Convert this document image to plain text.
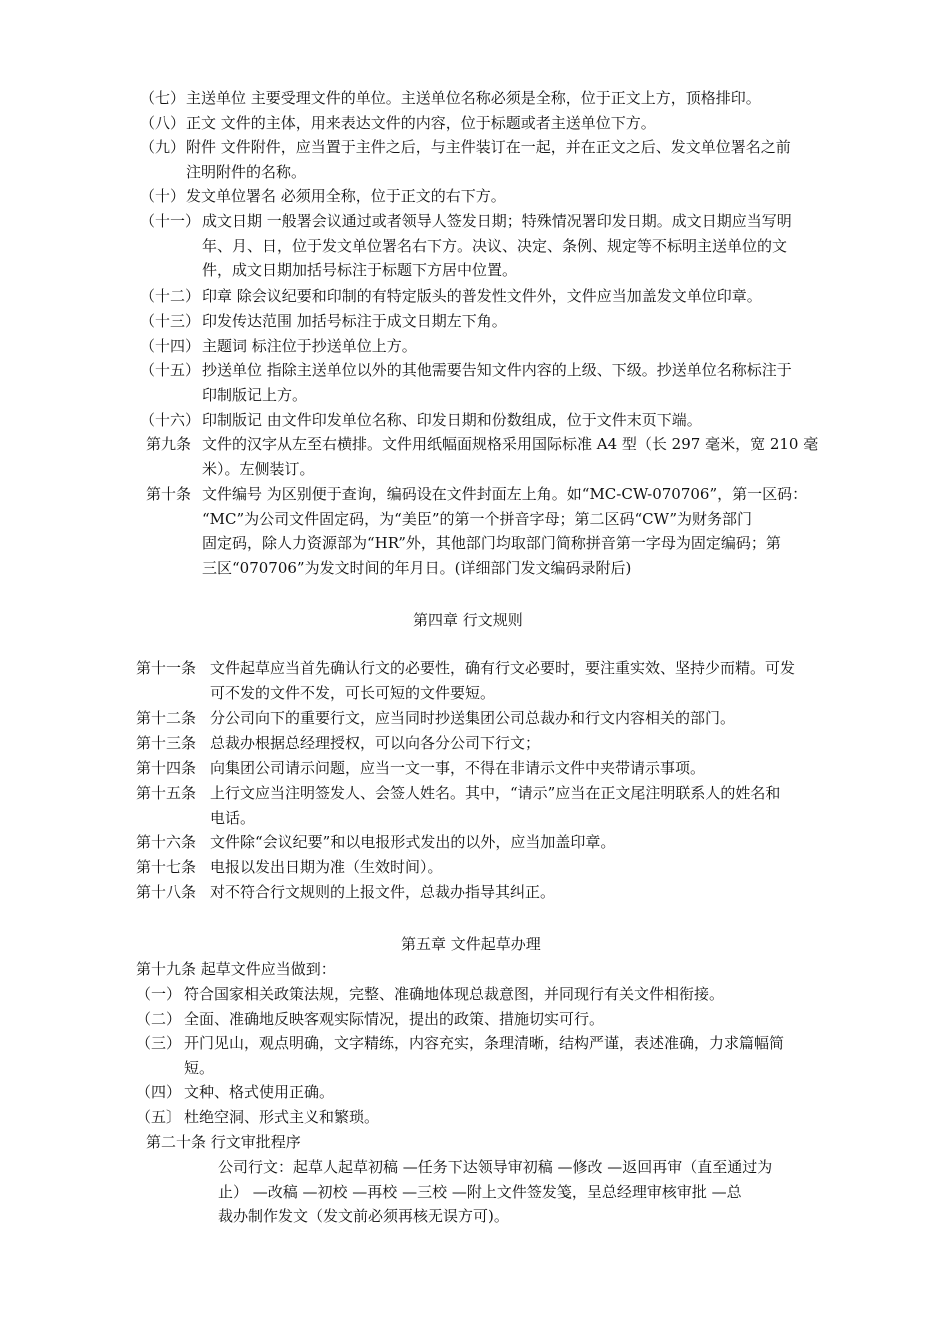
（七） 主送单位 主要受理文件的单位。主送单位名称必须是全称，位于正文上方，顶格排印。
（八） 正文 文件的主体，用来表达文件的内容，位于标题或者主送单位下方。
（九） 附件 文件附件，应当置于主件之后，与主件装订在一起，并在正文之后、发文单位署名之前
注明附件的名称。
（十） 发文单位署名 必须用全称，位于正文的右下方。
（十一） 成文日期 一般署会议通过或者领导人签发日期；特殊情况署印发日期。成文日期应当写明
年、月、日，位于发文单位署名右下方。决议、决定、条例、规定等不标明主送单位的文
件，成文日期加括号标注于标题下方居中位置。
（十二） 印章 除会议纪要和印制的有特定版头的普发性文件外，文件应当加盖发文单位印章。
（十三） 印发传达范围 加括号标注于成文日期左下角。
（十四） 主题词 标注位于抄送单位上方。
（十五） 抄送单位 指除主送单位以外的其他需要告知文件内容的上级、下级。抄送单位名称标注于
印制版记上方。
（十六） 印制版记 由文件印发单位名称、印发日期和份数组成，位于文件末页下端。
第九条 文件的汉字从左至右横排。文件用纸幅面规格采用国际标准 A4 型（长 297 毫米，宽 210 毫
米）。左侧装订。
第十条 文件编号 为区别便于查询，编码设在文件封面左上角。如“MC-CW-070706”，第一区码：
“MC”为公司文件固定码，为“美臣”的第一个拼音字母；第二区码“CW”为财务部门
固定码，除人力资源部为“HR”外，其他部门均取部门简称拼音第一字母为固定编码；第
三区“070706”为发文时间的年月日。(详细部门发文编码录附后)
第四章 行文规则
第十一条 文件起草应当首先确认行文的必要性，确有行文必要时，要注重实效、坚持少而精。可发
可不发的文件不发，可长可短的文件要短。
第十二条 分公司向下的重要行文，应当同时抄送集团公司总裁办和行文内容相关的部门。
第十三条 总裁办根据总经理授权，可以向各分公司下行文；
第十四条 向集团公司请示问题，应当一文一事，不得在非请示文件中夹带请示事项。
第十五条 上行文应当注明签发人、会签人姓名。其中，“请示”应当在正文尾注明联系人的姓名和
电话。
第十六条 文件除“会议纪要”和以电报形式发出的以外，应当加盖印章。
第十七条 电报以发出日期为准（生效时间）。
第十八条 对不符合行文规则的上报文件，总裁办指导其纠正。
第五章 文件起草办理
第十九条 起草文件应当做到：
（一） 符合国家相关政策法规，完整、准确地体现总裁意图，并同现行有关文件相衔接。
（二） 全面、准确地反映客观实际情况，提出的政策、措施切实可行。
（三） 开门见山，观点明确，文字精练，内容充实，条理清晰，结构严谨，表述准确，力求篇幅简
短。
（四） 文种、格式使用正确。
（五〕 杜绝空洞、形式主义和繁琐。
第二十条 行文审批程序
公司行文：起草人起草初稿 —任务下达领导审初稿 —修改 —返回再审（直至通过为
止） —改稿 —初校 —再校 —三校 —附上文件签发笺，呈总经理审核审批 —总
裁办制作发文（发文前必须再核无误方可)。
